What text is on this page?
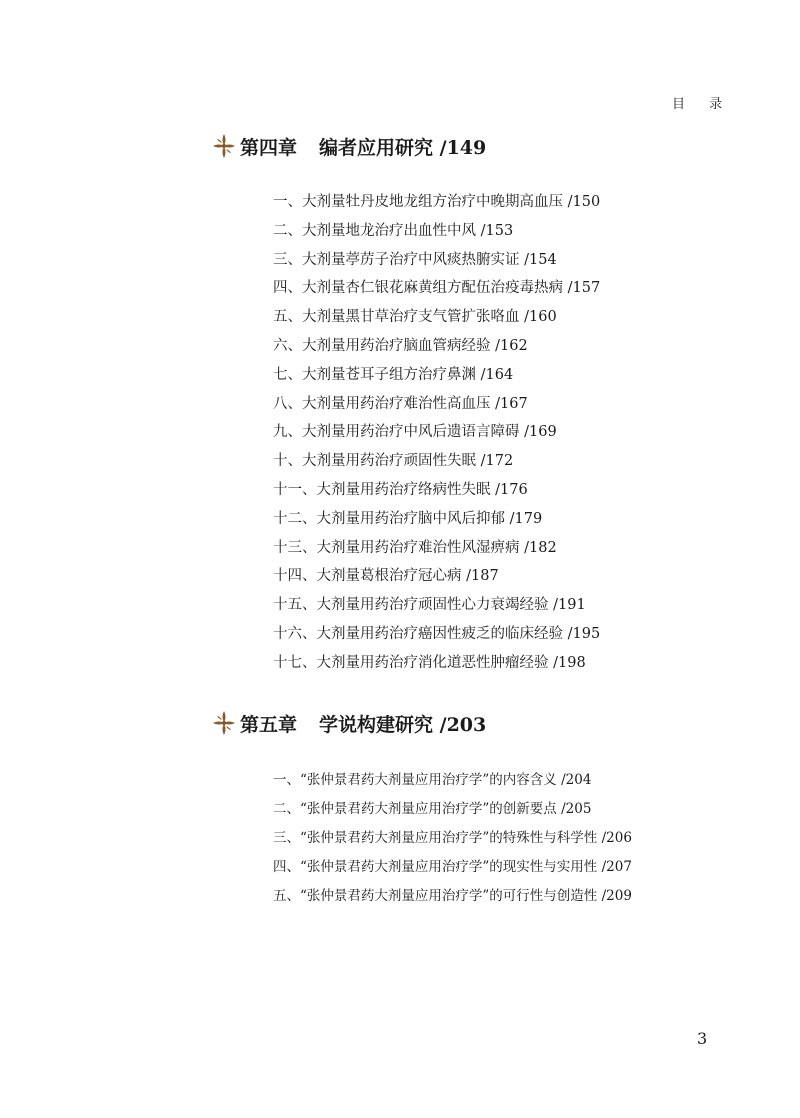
目 录
第四章 编者应用研究 /149
一、大剂量牡丹皮地龙组方治疗中晚期高血压 /150
二、大剂量地龙治疗出血性中风 /153
三、大剂量葶苈子治疗中风痰热腑实证 /154
四、大剂量杏仁银花麻黄组方配伍治疫毒热病 /157
五、大剂量黑甘草治疗支气管扩张咯血 /160
六、大剂量用药治疗脑血管病经验 /162
七、大剂量苍耳子组方治疗鼻渊 /164
八、大剂量用药治疗难治性高血压 /167
九、大剂量用药治疗中风后遗语言障碍 /169
十、大剂量用药治疗顽固性失眠 /172
十一、大剂量用药治疗络病性失眠 /176
十二、大剂量用药治疗脑中风后抑郁 /179
十三、大剂量用药治疗难治性风湿痹病 /182
十四、大剂量葛根治疗冠心病 /187
十五、大剂量用药治疗顽固性心力衰竭经验 /191
十六、大剂量用药治疗癌因性疲乏的临床经验 /195
十七、大剂量用药治疗消化道恶性肿瘤经验 /198
第五章 学说构建研究 /203
一、“张仲景君药大剂量应用治疗学”的内容含义 /204
二、“张仲景君药大剂量应用治疗学”的创新要点 /205
三、“张仲景君药大剂量应用治疗学”的特殊性与科学性 /206
四、“张仲景君药大剂量应用治疗学”的现实性与实用性 /207
五、“张仲景君药大剂量应用治疗学”的可行性与创造性 /209
3
